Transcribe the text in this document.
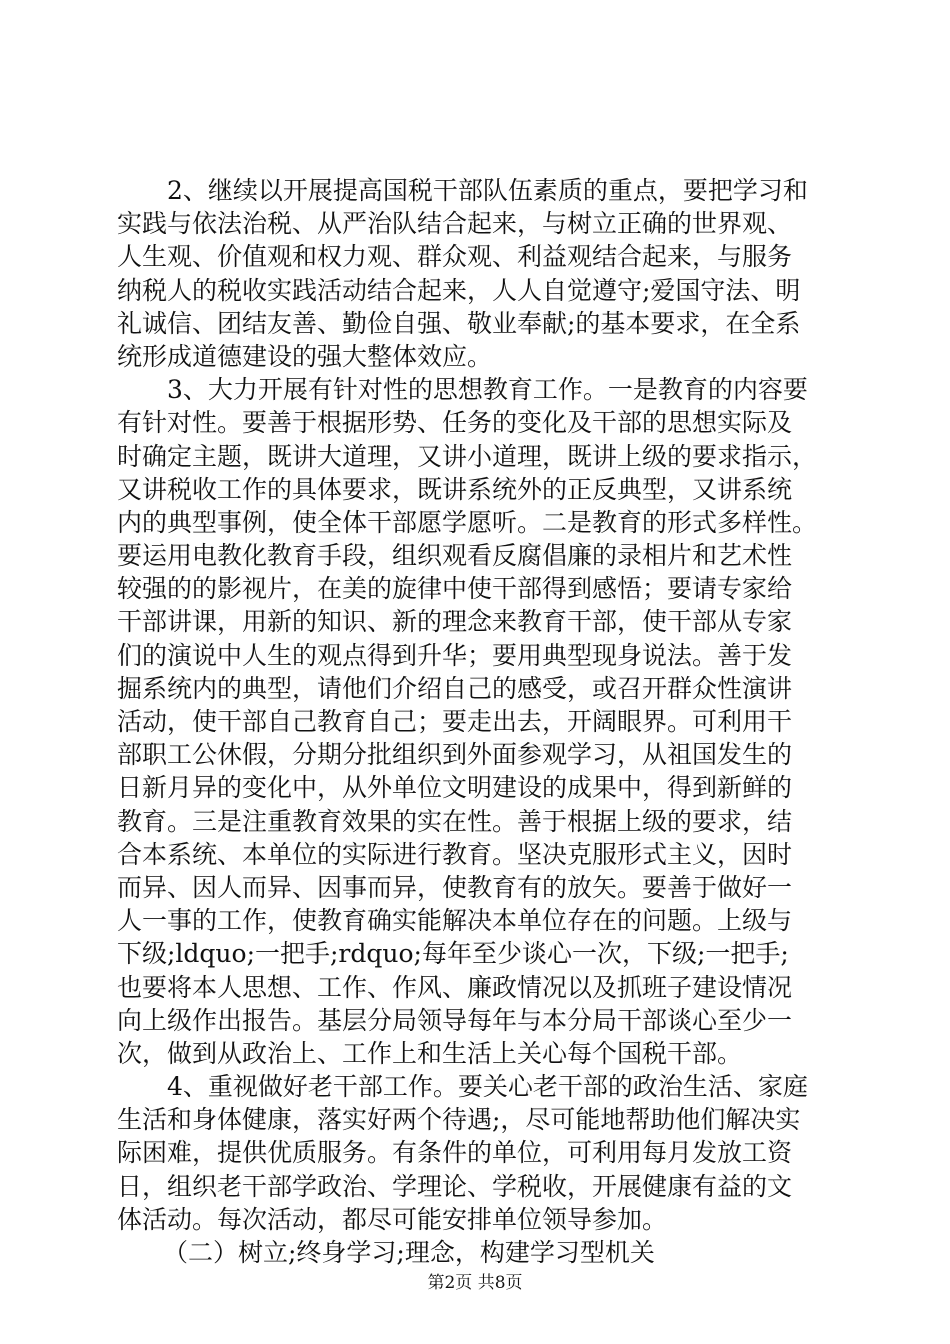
2、继续以开展提高国税干部队伍素质的重点，要把学习和
实践与依法治税、从严治队结合起来，与树立正确的世界观、
人生观、价值观和权力观、群众观、利益观结合起来，与服务
纳税人的税收实践活动结合起来，人人自觉遵守;爱国守法、明
礼诚信、团结友善、勤俭自强、敬业奉献;的基本要求，在全系
统形成道德建设的强大整体效应。
3、大力开展有针对性的思想教育工作。一是教育的内容要
有针对性。要善于根据形势、任务的变化及干部的思想实际及
时确定主题，既讲大道理，又讲小道理，既讲上级的要求指示，
又讲税收工作的具体要求，既讲系统外的正反典型，又讲系统
内的典型事例，使全体干部愿学愿听。二是教育的形式多样性。
要运用电教化教育手段，组织观看反腐倡廉的录相片和艺术性
较强的的影视片，在美的旋律中使干部得到感悟；要请专家给
干部讲课，用新的知识、新的理念来教育干部，使干部从专家
们的演说中人生的观点得到升华；要用典型现身说法。善于发
掘系统内的典型，请他们介绍自己的感受，或召开群众性演讲
活动，使干部自己教育自己；要走出去，开阔眼界。可利用干
部职工公休假，分期分批组织到外面参观学习，从祖国发生的
日新月异的变化中，从外单位文明建设的成果中，得到新鲜的
教育。三是注重教育效果的实在性。善于根据上级的要求，结
合本系统、本单位的实际进行教育。坚决克服形式主义，因时
而异、因人而异、因事而异，使教育有的放矢。要善于做好一
人一事的工作，使教育确实能解决本单位存在的问题。上级与
下级;ldquo;一把手;rdquo;每年至少谈心一次，下级;一把手;
也要将本人思想、工作、作风、廉政情况以及抓班子建设情况
向上级作出报告。基层分局领导每年与本分局干部谈心至少一
次，做到从政治上、工作上和生活上关心每个国税干部。
4、重视做好老干部工作。要关心老干部的政治生活、家庭
生活和身体健康，落实好两个待遇;，尽可能地帮助他们解决实
际困难，提供优质服务。有条件的单位，可利用每月发放工资
日，组织老干部学政治、学理论、学税收，开展健康有益的文
体活动。每次活动，都尽可能安排单位领导参加。
（二）树立;终身学习;理念，构建学习型机关
第2页 共8页
